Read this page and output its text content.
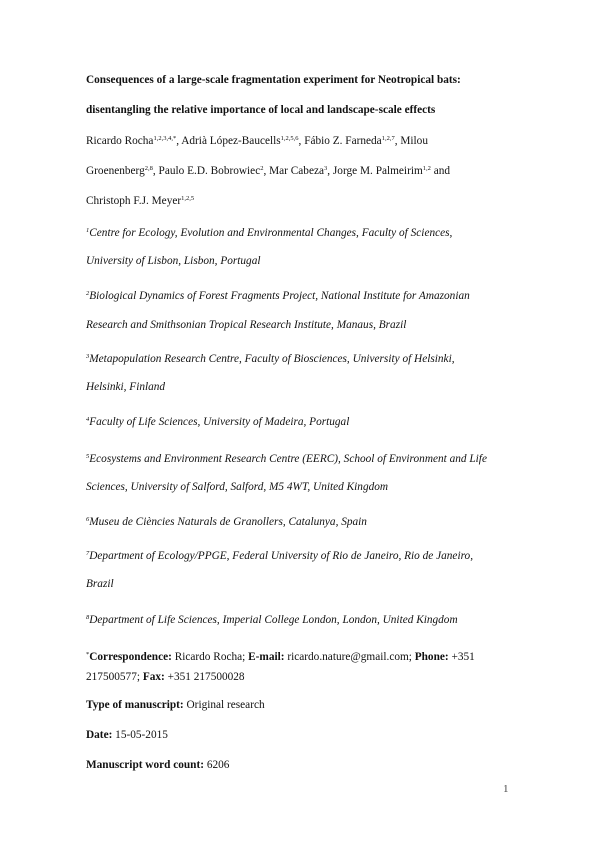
Consequences of a large-scale fragmentation experiment for Neotropical bats:
disentangling the relative importance of local and landscape-scale effects
Ricardo Rocha$^{1,2,3,4,*}$, Adrià López-Baucells$^{1,2,5,6}$, Fábio Z. Farneda$^{1,2,7}$, Milou
Groenenberg$^{2,8}$, Paulo E.D. Bobrowiec$^2$, Mar Cabeza$^3$, Jorge M. Palmeirim$^{1,2}$ and
Christoph F.J. Meyer$^{1,2,5}$
$^1$Centre for Ecology, Evolution and Environmental Changes, Faculty of Sciences,
University of Lisbon, Lisbon, Portugal
$^2$Biological Dynamics of Forest Fragments Project, National Institute for Amazonian
Research and Smithsonian Tropical Research Institute, Manaus, Brazil
$^3$Metapopulation Research Centre, Faculty of Biosciences, University of Helsinki,
Helsinki, Finland
$^4$Faculty of Life Sciences, University of Madeira, Portugal
$^5$Ecosystems and Environment Research Centre (EERC), School of Environment and Life
Sciences, University of Salford, Salford, M5 4WT, United Kingdom
$^6$Museu de Ciències Naturals de Granollers, Catalunya, Spain
$^7$Department of Ecology/PPGE, Federal University of Rio de Janeiro, Rio de Janeiro,
Brazil
$^8$Department of Life Sciences, Imperial College London, London, United Kingdom
*Correspondence: Ricardo Rocha; E-mail: ricardo.nature@gmail.com; Phone: +351
217500577; Fax: +351 217500028
Type of manuscript: Original research
Date: 15-05-2015
Manuscript word count: 6206
1
